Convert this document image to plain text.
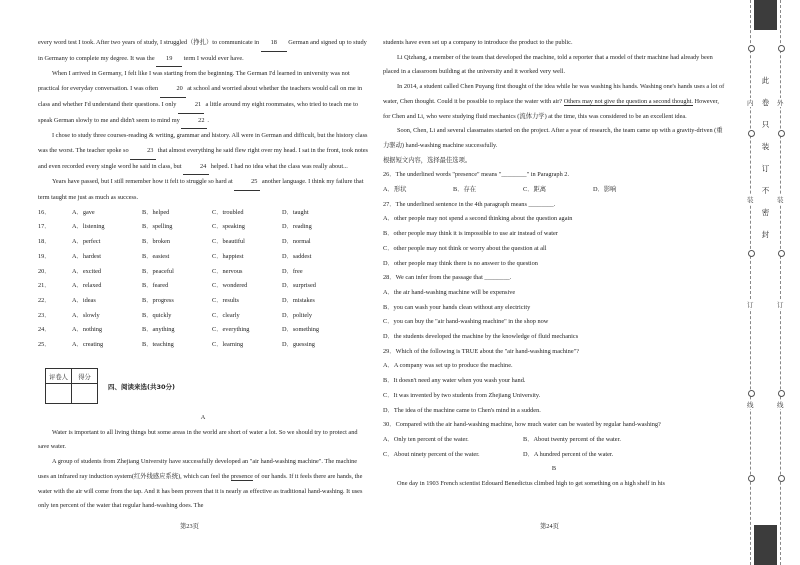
every word test I took. After two years of study, I struggled（挣扎）to communicate in 18 German and signed up to study in Germany to complete my degree. It was the 19 term I would ever have.

When I arrived in Germany, I felt like I was starting from the beginning. The German I'd learned in university was not practical for everyday conversation. I was often	20 at school and worried about whether the teachers would call on me in class and whether I'd understand their questions. I only	21 a little around my eight roommates, who tried to teach me to speak German slowly to me and didn't seem to mind my	22 .

I chose to study three courses-reading & writing, grammar and history. All were in German and difficult, but the history class was the worst. The teacher spoke so	23 that almost everything he said flew right over my head. I sat in the front, took notes and even recorded every single word he said in class, but	24 helped. I had no idea what the class was really about...

Years have passed, but I still remember how it felt to struggle so hard at	25 another language. I think my failure that term taught me just as much as success.

16．	A．gave	B．helped	C．troubled	D．taught
17．	A．listening	B．spelling	C．speaking	D．reading
18．	A．perfect	B．broken	C．beautiful	D．normal
19．	A．hardest	B．easiest	C．happiest	D．saddest
20．	A．excited	B．peaceful	C．nervous	D．free
21．	A．relaxed	B．feared	C．wondered	D．surprised
22．	A．ideas	B．progress	C．results	D．mistakes
23．	A．slowly	B．quickly	C．clearly	D．politely
24．	A．nothing	B．anything	C．everything	D．something
25．	A．creating	B．teaching	C．learning	D．guessing
评卷人	得分

四、阅读来选(共30分)
A

Water is important to all living things but some areas in the world are short of water a lot. So we should try to protect and save water.

A group of students from Zhejiang University have successfully developed an "air hand-washing machine". The machine uses an infrared ray induction system(红外线感应系统), which can feel the presence of our hands. If it feels there are hands, the water with the air will come from the tap. And it has been proven that it is nearly as effective as traditional hand-washing. It uses only ten percent of the water that regular hand-washing does. The

第23页

students have even set up a company to introduce the product to the public.

Li Qizhang, a member of the team that developed the machine, told a reporter that a model of their machine had already been placed in a classroom building at the university and it worked very well.

In 2014, a student called Chen Puyang first thought of the idea while he was washing his hands. Washing one's hands uses a lot of water, Chen thought. Could it be possible to replace the water with air? Others may not give the question a second thought. However, for Chen and Li, who were studying fluid mechanics (流体力学) at the time, this was considered to be an excellent idea.

Soon, Chen, Li and several classmates started on the project. After a year of research, the team came up with a gravity-driven (重力驱动) hand-washing machine successfully.

根据短文内容，选择最佳选项。

26．The underlined words "presence" means "________" in Paragraph 2.

A．形状	B．存在	C．距离	D．影响

27．The underlined sentence in the 4th paragraph means ________.

A．other people may not spend a second thinking about the question again

B．other people may think it is impossible to use air instead of water

C．other people may not think or worry about the question at all

D．other people may think there is no answer to the question

28．We can infer from the passage that ________.

A．the air hand-washing machine will be expensive

B．you can wash your hands clean without any electricity

C．you can buy the "air hand-washing machine" in the shop now

D．the students developed the machine by the knowledge of fluid mechanics

29．Which of the following is TRUE about the "air hand-washing machine"?

A．A company was set up to produce the machine.

B．It doesn't need any water when you wash your hand.

C．It was invented by two students from Zhejiang University.

D．The idea of the machine came to Chen's mind in a sudden.

30．Compared with the air hand-washing machine, how much water can be wasted by regular hand-washing?

A．Only ten percent of the water.	B．About twenty percent of the water.
C．About ninety percent of the water.	D．A hundred percent of the water.
B

One day in 1903 French scientist Edouard Benedictus climbed high to get something on a high shelf in his

第24页
此
卷
只
装
订
不
密
封
内	外
装	装
订	订
线	线
